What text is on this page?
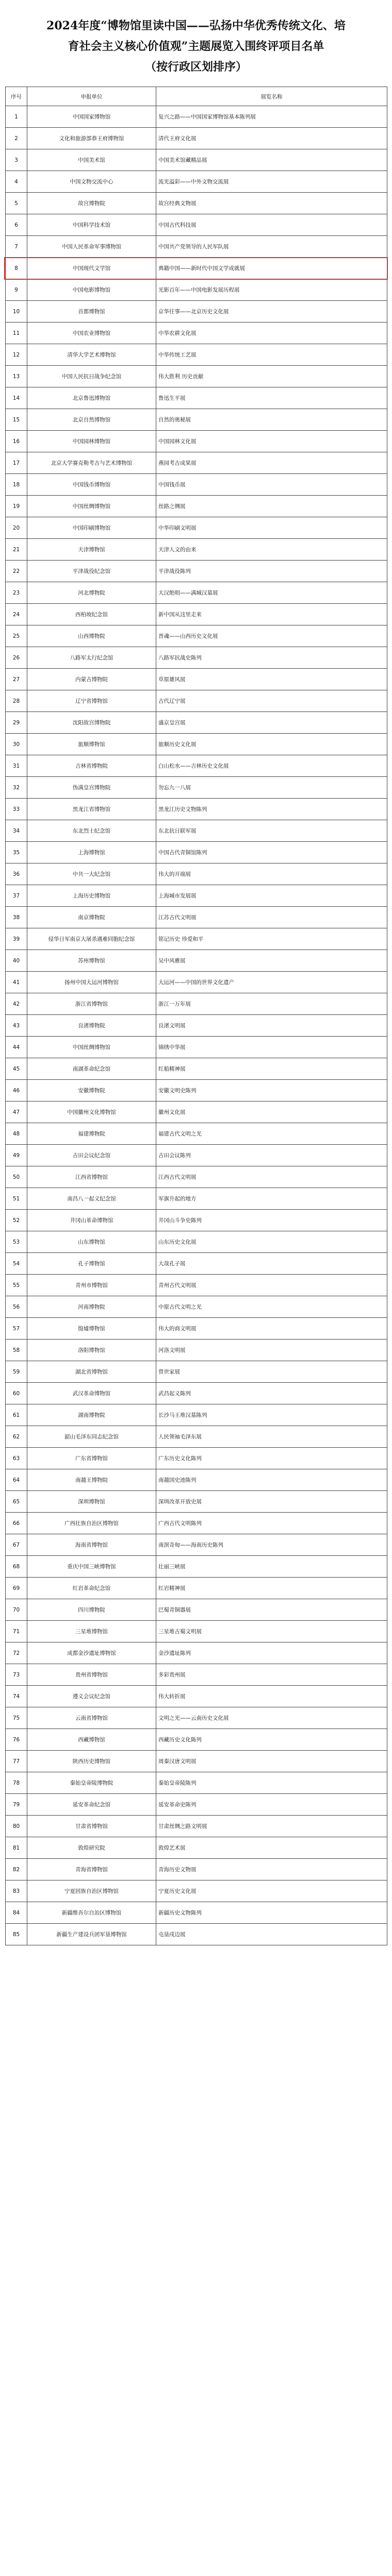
2024年度“博物馆里读中国——弘扬中华优秀传统文化、培
育社会主义核心价值观”主题展览入围终评项目名单
（按行政区划排序）
序号	申报单位	展览名称
1	中国国家博物馆	复兴之路——中国国家博物馆基本陈列展
2	文化和旅游部恭王府博物馆	清代王府文化展
3	中国美术馆	中国美术馆藏精品展
4	中国文物交流中心	流光溢彩——中外文物交流展
5	故宫博物院	故宫经典文物展
6	中国科学技术馆	中国古代科技展
7	中国人民革命军事博物馆	中国共产党领导的人民军队展
8	中国现代文学馆	典籍中国——新时代中国文学成就展
9	中国电影博物馆	光影百年——中国电影发展历程展
10	首都博物馆	京华往事——北京历史文化展
11	中国农业博物馆	中华农耕文化展
12	清华大学艺术博物馆	中华传统工艺展
13	中国人民抗日战争纪念馆	伟大胜利 历史贡献
14	北京鲁迅博物馆	鲁迅生平展
15	北京自然博物馆	自然的奥秘展
16	中国园林博物馆	中国园林文化展
17	北京大学赛克勒考古与艺术博物馆	燕园考古成果展
18	中国钱币博物馆	中国钱币展
19	中国丝绸博物馆	丝路之绸展
20	中国印刷博物馆	中华印刷文明展
21	天津博物馆	天津人文的由来
22	平津战役纪念馆	平津战役陈列
23	河北博物院	大汉绝唱——满城汉墓展
24	西柏坡纪念馆	新中国从这里走来
25	山西博物院	晋魂——山西历史文化展
26	八路军太行纪念馆	八路军抗战史陈列
27	内蒙古博物院	草原雄风展
28	辽宁省博物馆	古代辽宁展
29	沈阳故宫博物院	盛京皇宫展
30	旅顺博物馆	旅顺历史文化展
31	吉林省博物院	白山松水——吉林历史文化展
32	伪满皇宫博物院	勿忘九一八展
33	黑龙江省博物馆	黑龙江历史文物陈列
34	东北烈士纪念馆	东北抗日联军展
35	上海博物馆	中国古代青铜馆陈列
36	中共一大纪念馆	伟大的开端展
37	上海历史博物馆	上海城市发展展
38	南京博物院	江苏古代文明展
39	侵华日军南京大屠杀遇难同胞纪念馆	铭记历史 珍爱和平
40	苏州博物馆	吴中风雅展
41	扬州中国大运河博物馆	大运河——中国的世界文化遗产
42	浙江省博物馆	浙江一万年展
43	良渚博物院	良渚文明展
44	中国丝绸博物馆	锦绣中华展
45	南湖革命纪念馆	红船精神展
46	安徽博物院	安徽文明史陈列
47	中国徽州文化博物馆	徽州文化展
48	福建博物院	福建古代文明之光
49	古田会议纪念馆	古田会议陈列
50	江西省博物馆	江西古代文明展
51	南昌八一起义纪念馆	军旗升起的地方
52	井冈山革命博物馆	井冈山斗争史陈列
53	山东博物馆	山东历史文化展
54	孔子博物馆	大哉孔子展
55	青州市博物馆	青州古代文明展
56	河南博物院	中原古代文明之光
57	殷墟博物馆	伟大的商文明展
58	洛阳博物馆	河洛文明展
59	湖北省博物馆	曾世家展
60	武汉革命博物馆	武昌起义陈列
61	湖南博物院	长沙马王堆汉墓陈列
62	韶山毛泽东同志纪念馆	人民领袖毛泽东展
63	广东省博物馆	广东历史文化陈列
64	南越王博物院	南越国史迹陈列
65	深圳博物馆	深圳改革开放史展
66	广西壮族自治区博物馆	广西古代文明陈列
67	海南省博物馆	南溟奇甸——海南历史陈列
68	重庆中国三峡博物馆	壮丽三峡展
69	红岩革命纪念馆	红岩精神展
70	四川博物院	巴蜀青铜器展
71	三星堆博物馆	三星堆古蜀文明展
72	成都金沙遗址博物馆	金沙遗址陈列
73	贵州省博物馆	多彩贵州展
74	遵义会议纪念馆	伟大转折展
75	云南省博物馆	文明之光——云南历史文化展
76	西藏博物馆	西藏历史文化陈列
77	陕西历史博物馆	周秦汉唐文明展
78	秦始皇帝陵博物院	秦始皇帝陵陈列
79	延安革命纪念馆	延安革命史陈列
80	甘肃省博物馆	甘肃丝绸之路文明展
81	敦煌研究院	敦煌艺术展
82	青海省博物馆	青海历史文物展
83	宁夏回族自治区博物馆	宁夏历史文化展
84	新疆维吾尔自治区博物馆	新疆历史文物陈列
85	新疆生产建设兵团军垦博物馆	屯垦戍边展
